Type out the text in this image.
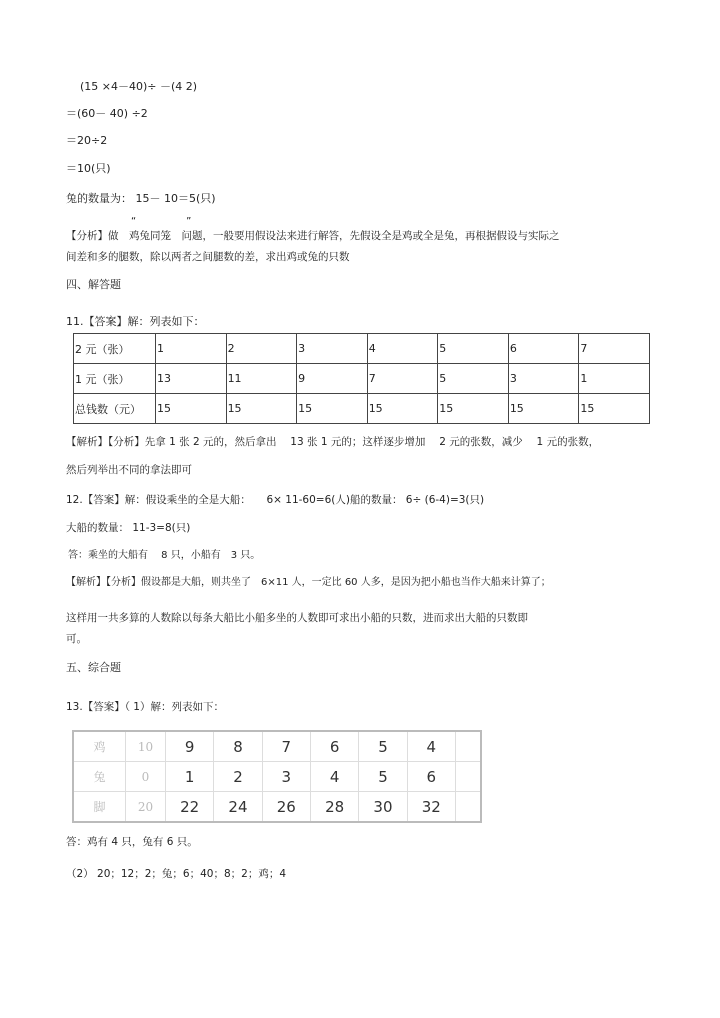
(15 ×4－40)÷ －(4 2)
＝(60－ 40) ÷2
＝20÷2
＝10(只)
兔的数量为： 15－ 10＝5(只)
“　　　　　”
【分析】做　鸡兔同笼　问题，一般要用假设法来进行解答，先假设全是鸡或全是兔，再根据假设与实际之
间差和多的腿数，除以两者之间腿数的差，求出鸡或兔的只数
四、解答题
11.【答案】解：列表如下：
2 元（张）	1	2	3	4	5	6	7
1 元（张）	13	11	9	7	5	3	1
总钱数（元）	15	15	15	15	15	15	15
【解析】【分析】先拿 1 张 2 元的，然后拿出　 13 张 1 元的；这样逐步增加　 2 元的张数，减少　 1 元的张数，
然后列举出不同的拿法即可
12.【答案】解：假设乘坐的全是大船：　　6× 11-60=6(人)船的数量： 6÷ (6-4)=3(只)
大船的数量： 11-3=8(只)
答：乘坐的大船有　 8 只，小船有　3 只。
【解析】【分析】假设都是大船，则共坐了　6×11 人，一定比 60 人多，是因为把小船也当作大船来计算了；
这样用一共多算的人数除以每条大船比小船多坐的人数即可求出小船的只数，进而求出大船的只数即
可。
五、综合题
13.【答案】（ 1）解：列表如下：
鸡	10	9	8	7	6	5	4	
兔	0	1	2	3	4	5	6	
脚	20	22	24	26	28	30	32	
答：鸡有 4 只，兔有 6 只。
（2） 20；12；2；兔；6；40；8；2；鸡；4
